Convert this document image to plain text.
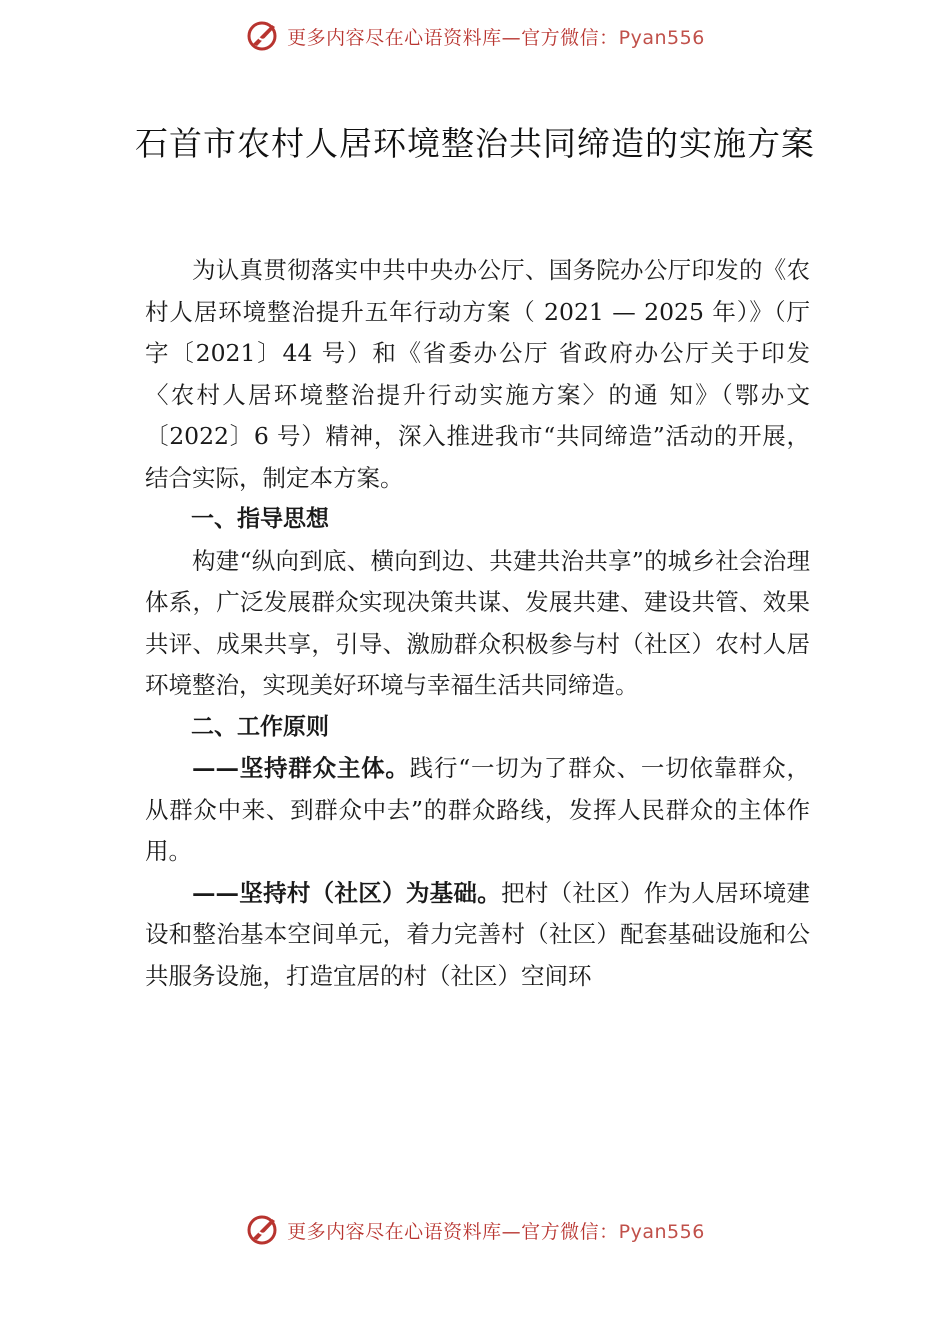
更多内容尽在心语资料库—官方微信：Pyan556
石首市农村人居环境整治共同缔造的实施方案

为认真贯彻落实中共中央办公厅、国务院办公厅印发的《农村人居环境整治提升五年行动方案（ 2021 — 2025 年）》（厅字〔2021〕44 号）和《省委办公厅 省政府办公厅关于印发〈农村人居环境整治提升行动实施方案〉的通 知》（鄂办文〔2022〕6 号）精神，深入推进我市“共同缔造”活动的开展，结合实际，制定本方案。

一、指导思想

构建“纵向到底、横向到边、共建共治共享”的城乡社会治理体系，广泛发展群众实现决策共谋、发展共建、建设共管、效果共评、成果共享，引导、激励群众积极参与村（社区）农村人居环境整治，实现美好环境与幸福生活共同缔造。

二、工作原则

——坚持群众主体。践行“一切为了群众、一切依靠群众，从群众中来、到群众中去”的群众路线，发挥人民群众的主体作用。

——坚持村（社区）为基础。把村（社区）作为人居环境建设和整治基本空间单元，着力完善村（社区）配套基础设施和公共服务设施，打造宜居的村（社区）空间环

更多内容尽在心语资料库—官方微信：Pyan556
